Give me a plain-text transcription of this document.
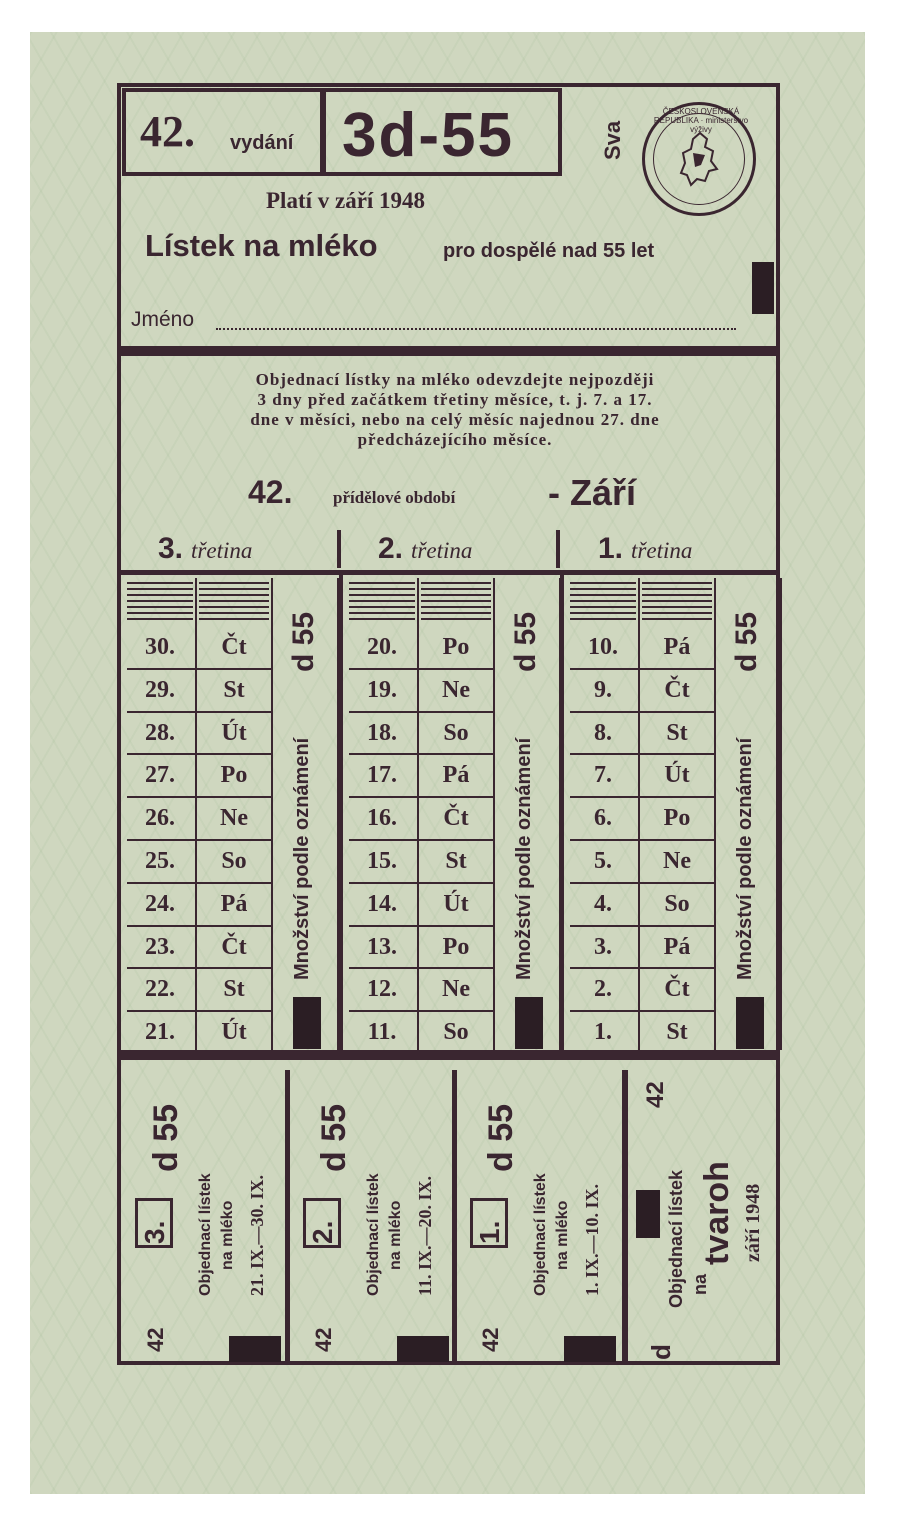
42. vydání 3d-55	Sva
ČESKOSLOVENSKÁ REPUBLIKA · ministerstvo výživy
Platí v září 1948
Lístek na mléko	pro dospělé nad 55 let
Jméno
Objednací lístky na mléko odevzdejte nejpozději
3 dny před začátkem třetiny měsíce, t. j. 7. a 17.
dne v měsíci, nebo na celý měsíc najednou 27. dne
předcházejícího měsíce.
42. přídělové období	- Září
3. třetina	2. třetina	1. třetina
30.	Čt
29.	St
28.	Út
27.	Po
26.	Ne
25.	So
24.	Pá
23.	Čt
22.	St
21.	Út
Množství podle oznámení
d 55	20.	Po
19.	Ne
18.	So
17.	Pá
16.	Čt
15.	St
14.	Út
13.	Po
12.	Ne
11.	So
Množství podle oznámení
d 55	10.	Pá
9.	Čt
8.	St
7.	Út
6.	Po
5.	Ne
4.	So
3.	Pá
2.	Čt
1.	St
Množství podle oznámení
d 55
d 55
3. Objednací lístek na mléko 21. IX.—30. IX.
42
d 55
2. Objednací lístek na mléko 11. IX.—20. IX.
42
d 55
1. Objednací lístek na mléko 1. IX.—10. IX.
42
42
d
Objednací lístek na
tvaroh září 1948
